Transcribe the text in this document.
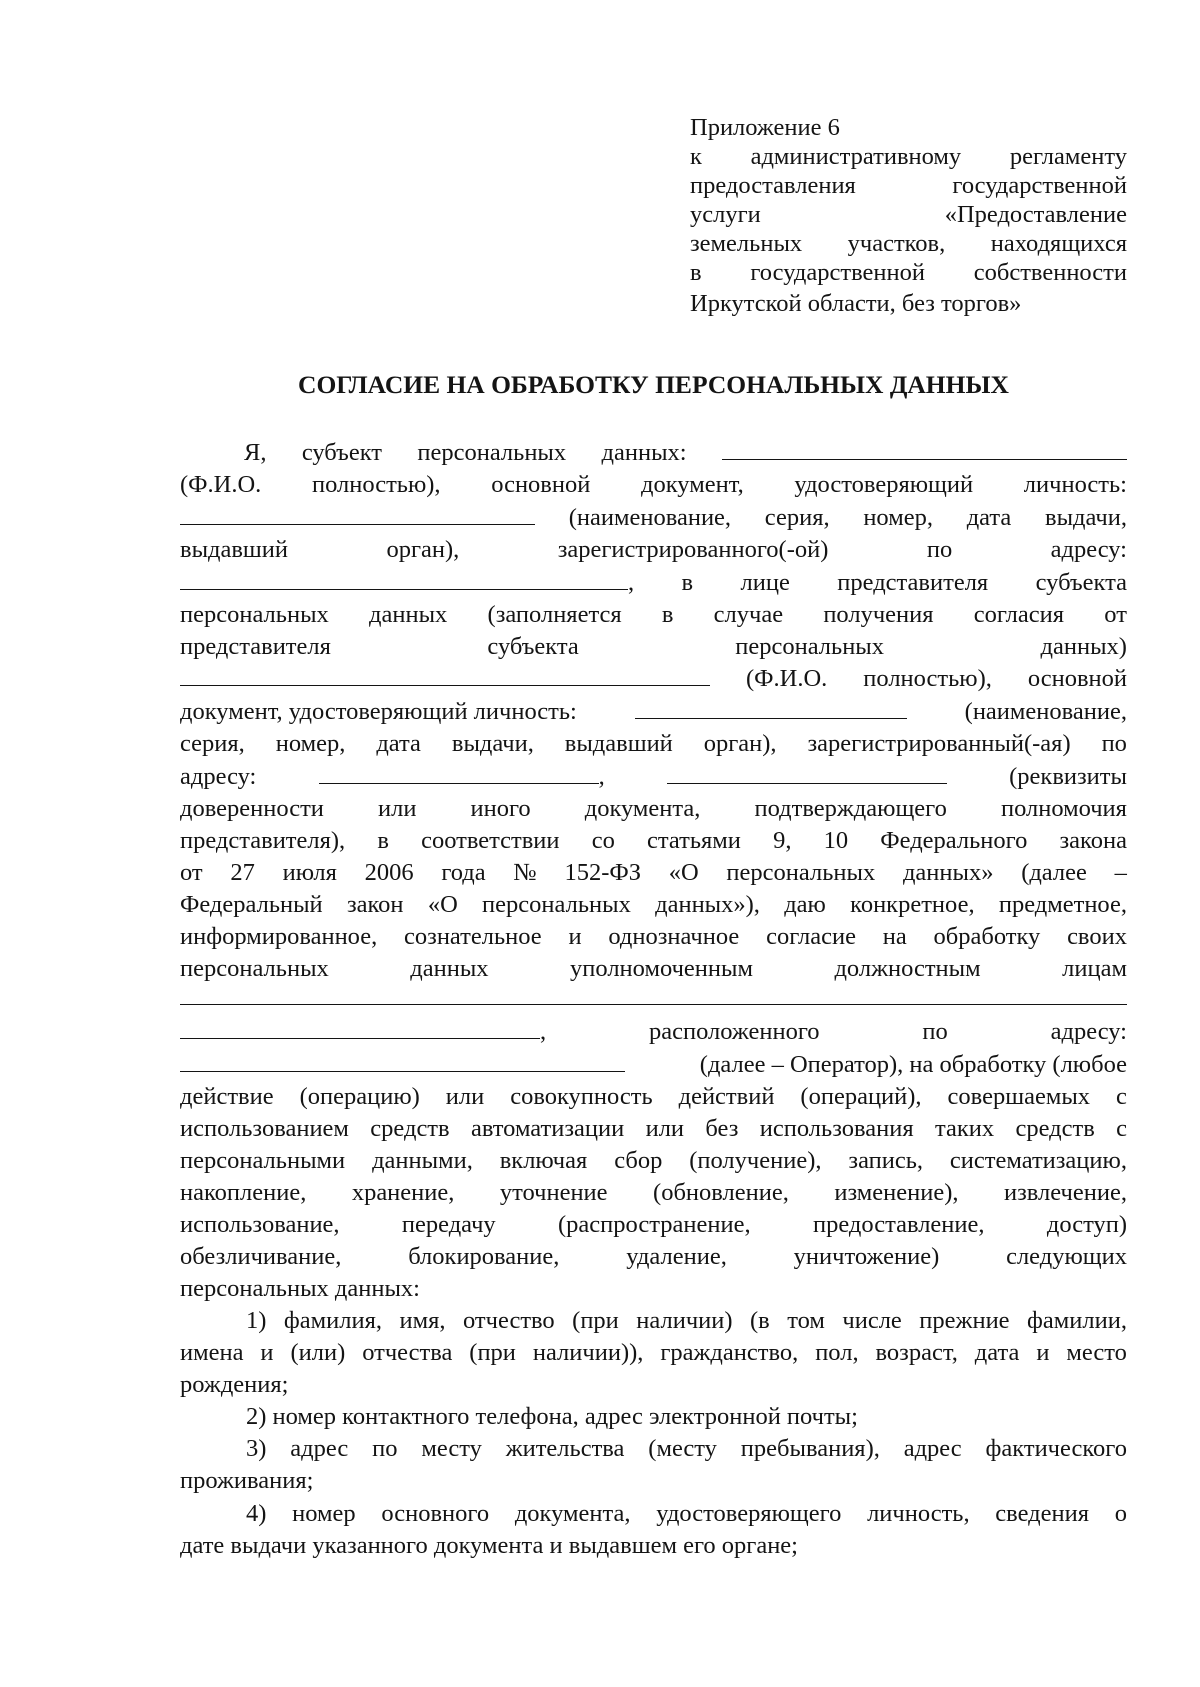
Приложение 6
к административному регламенту
предоставления	государственной
услуги	«Предоставление
земельных участков, находящихся
в государственной собственности
Иркутской области, без торгов»
СОГЛАСИЕ НА ОБРАБОТКУ ПЕРСОНАЛЬНЫХ ДАННЫХ
Я, субъект персональных данных:
(Ф.И.О. полностью), основной документ, удостоверяющий личность:
(наименование, серия, номер, дата выдачи,
выдавший	орган),	зарегистрированного(-ой)	по	адресу:
, в лице представителя субъекта
персональных данных (заполняется в случае получения согласия от
представителя	субъекта	персональных	данных)
(Ф.И.О. полностью), основной
документ, удостоверяющий личность:	(наименование,
серия, номер, дата выдачи, выдавший орган), зарегистрированный(-ая) по
адресу:	,	(реквизиты
доверенности или иного документа, подтверждающего полномочия
представителя), в соответствии со статьями 9, 10 Федерального закона
от 27 июля 2006 года № 152-ФЗ «О персональных данных» (далее –
Федеральный закон «О персональных данных»), даю конкретное, предметное,
информированное, сознательное и однозначное согласие на обработку своих
персональных	данных	уполномоченным	должностным	лицам
,	расположенного	по	адресу:
(далее – Оператор), на обработку (любое
действие (операцию) или совокупность действий (операций), совершаемых с
использованием средств автоматизации или без использования таких средств с
персональными данными, включая сбор (получение), запись, систематизацию,
накопление, хранение, уточнение (обновление, изменение), извлечение,
использование,	передачу	(распространение,	предоставление,	доступ)
обезличивание,	блокирование,	удаление,	уничтожение)	следующих
персональных данных:
1) фамилия, имя, отчество (при наличии) (в том числе прежние фамилии,
имена и (или) отчества (при наличии)), гражданство, пол, возраст, дата и место
рождения;
2) номер контактного телефона, адрес электронной почты;
3) адрес по месту жительства (месту пребывания), адрес фактического
проживания;
4) номер основного документа, удостоверяющего личность, сведения о
дате выдачи указанного документа и выдавшем его органе;
